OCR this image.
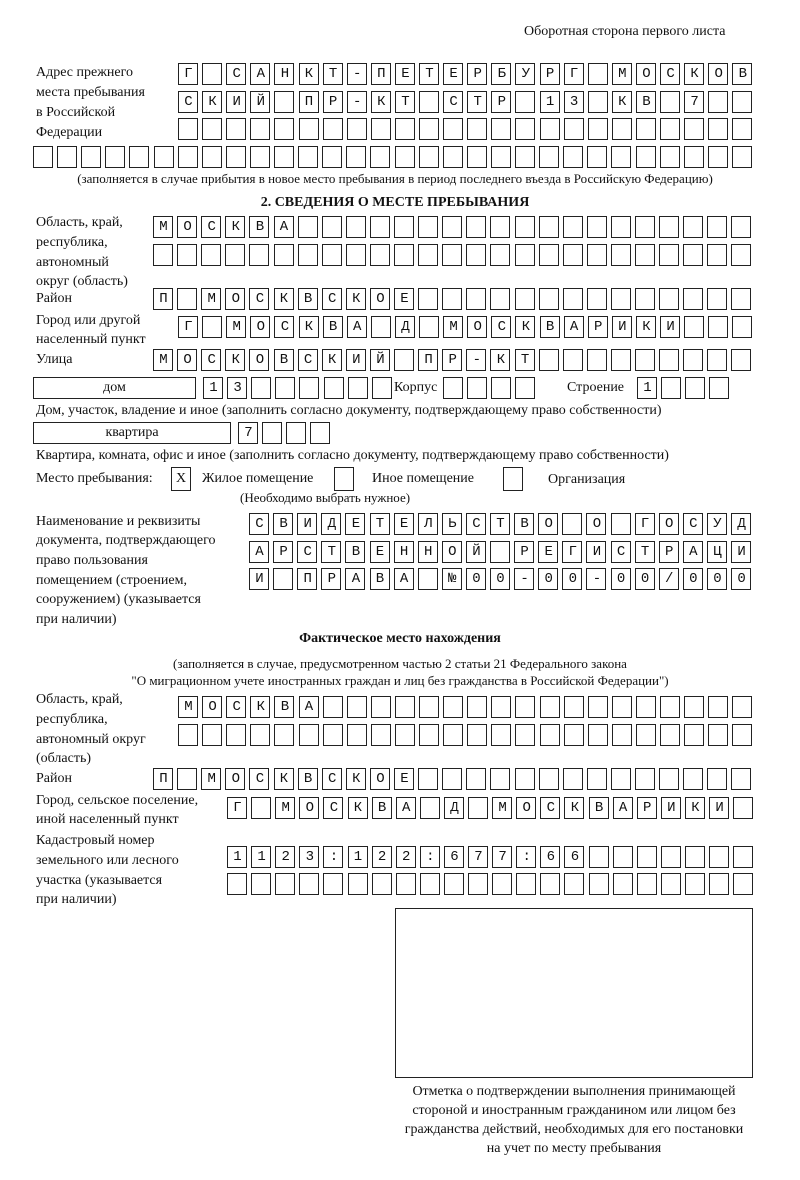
Оборотная сторона первого листа
Адрес прежнего
места пребывания
в Российской
Федерации
Г САНКТ-ПЕТЕРБУРГ МОСКОВ
СКИЙ ПР-КТ СТР 13 КВ 7
(заполняется в случае прибытия в новое место пребывания в период последнего въезда в Российскую Федерацию)
2. СВЕДЕНИЯ О МЕСТЕ ПРЕБЫВАНИЯ
Область, край,
республика,
автономный
округ (область)
МОСКВА
Район	П МОСКВСКОЕ
Город или другой
населенный пункт
Г МОСКВА Д МОСКВАРИКИ
Улица	МОСКОВСКИЙ ПР-КТ
дом	13	Корпус	Строение 1
Дом, участок, владение и иное (заполнить согласно документу, подтверждающему право собственности)
квартира	7
Квартира, комната, офис и иное (заполнить согласно документу, подтверждающему право собственности)
Место пребывания:	X	Жилое помещение	Иное помещение	Организация
(Необходимо выбрать нужное)
Наименование и реквизиты
документа, подтверждающего
право пользования
помещением (строением,
сооружением) (указывается
при наличии)
СВИДЕТЕЛЬСТВО О ГОСУД
АРСТВЕННОЙ РЕГИСТРАЦИ
И ПРАВА №00-00-00/000
Фактическое место нахождения
(заполняется в случае, предусмотренном частью 2 статьи 21 Федерального закона
"О миграционном учете иностранных граждан и лиц без гражданства в Российской Федерации")
Область, край,
республика,
автономный округ
(область)
МОСКВА
Район	П МОСКВСКОЕ
Город, сельское поселение,
иной населенный пункт
Г МОСКВА Д МОСКВАРИКИ
Кадастровый номер
земельного или лесного
участка (указывается
при наличии)
1123:122:677:66
Отметка о подтверждении выполнения принимающей
стороной и иностранным гражданином или лицом без
гражданства действий, необходимых для его постановки
на учет по месту пребывания
